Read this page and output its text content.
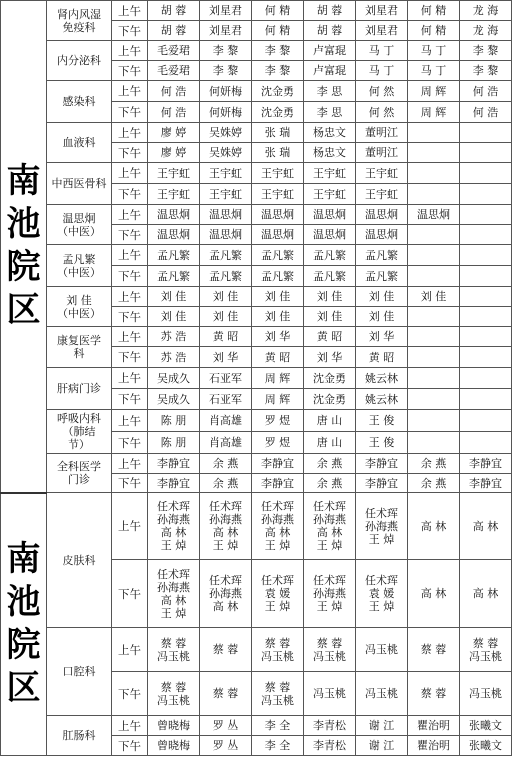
南
池
院
区	肾内风湿
免疫科	上午	胡 蓉	刘星君	何 精	胡 蓉	刘星君	何 精	龙 海

		下午	胡 蓉	刘星君	何 精	胡 蓉	刘星君	何 精	龙 海

	内分泌科	上午	毛爱珺	李 黎	李 黎	卢富琨	马 丁	马 丁	李 黎

		下午	毛爱珺	李 黎	李 黎	卢富琨	马 丁	马 丁	李 黎

	感染科	上午	何 浩	何妍梅	沈金勇	李 思	何 然	周 辉	何 浩

		下午	何 浩	何妍梅	沈金勇	李 思	何 然	周 辉	何 浩

	血液科	上午	廖 婷	吴姝婷	张 瑞	杨忠文	董明江		

		下午	廖 婷	吴姝婷	张 瑞	杨忠文	董明江		

	中西医骨科	上午	王宇虹	王宇虹	王宇虹	王宇虹	王宇虹		

		下午	王宇虹	王宇虹	王宇虹	王宇虹	王宇虹		

	温思炯
（中医）	上午	温思炯	温思炯	温思炯	温思炯	温思炯	温思炯	

		下午	温思炯	温思炯	温思炯	温思炯	温思炯		

	孟凡繁
（中医）	上午	孟凡繁	孟凡繁	孟凡繁	孟凡繁	孟凡繁		

		下午	孟凡繁	孟凡繁	孟凡繁	孟凡繁	孟凡繁		

	刘 佳
（中医）	上午	刘 佳	刘 佳	刘 佳	刘 佳	刘 佳	刘 佳	

		下午	刘 佳	刘 佳	刘 佳	刘 佳	刘 佳		

	康复医学
科	上午	苏 浩	黄 昭	刘 华	黄 昭	刘 华		

		下午	苏 浩	刘 华	黄 昭	刘 华	黄 昭		

	肝病门诊	上午	吴成久	石亚军	周 辉	沈金勇	姚云林		

		下午	吴成久	石亚军	周 辉	沈金勇	姚云林		

	呼吸内科
（肺结
节）	上午	陈 朋	肖高雄	罗 煜	唐 山	王 俊		

		下午	陈 朋	肖高雄	罗 煜	唐 山	王 俊		

	全科医学
门诊	上午	李静宜	余 燕	李静宜	余 燕	李静宜	余 燕	李静宜

		下午	李静宜	余 燕	李静宜	余 燕	李静宜	余 燕	李静宜

南
池
院
区	皮肤科	上午	任术珲
孙海燕
高 林
王 焯	任术珲
孙海燕
高 林
王 焯	任术珲
孙海燕
高 林
王 焯	任术珲
孙海燕
高 林
王 焯	任术珲
孙海燕
王 焯	高 林	高 林

		下午	任术珲
孙海燕
高 林
王 焯	任术珲
孙海燕
高 林	任术珲
袁 媛
王 焯	任术珲
孙海燕
王 焯	任术珲
袁 媛
王 焯	高 林	高 林

	口腔科	上午	蔡 蓉
冯玉桃	蔡 蓉	蔡 蓉
冯玉桃	蔡 蓉
冯玉桃	冯玉桃	蔡 蓉	蔡 蓉
冯玉桃

		下午	蔡 蓉
冯玉桃	蔡 蓉	蔡 蓉
冯玉桃	冯玉桃	冯玉桃	蔡 蓉	冯玉桃

	肛肠科	上午	曾晓梅	罗 丛	李 全	李青松	谢 江	瞿治明	张曦文

		下午	曾晓梅	罗 丛	李 全	李青松	谢 江	瞿治明	张曦文
